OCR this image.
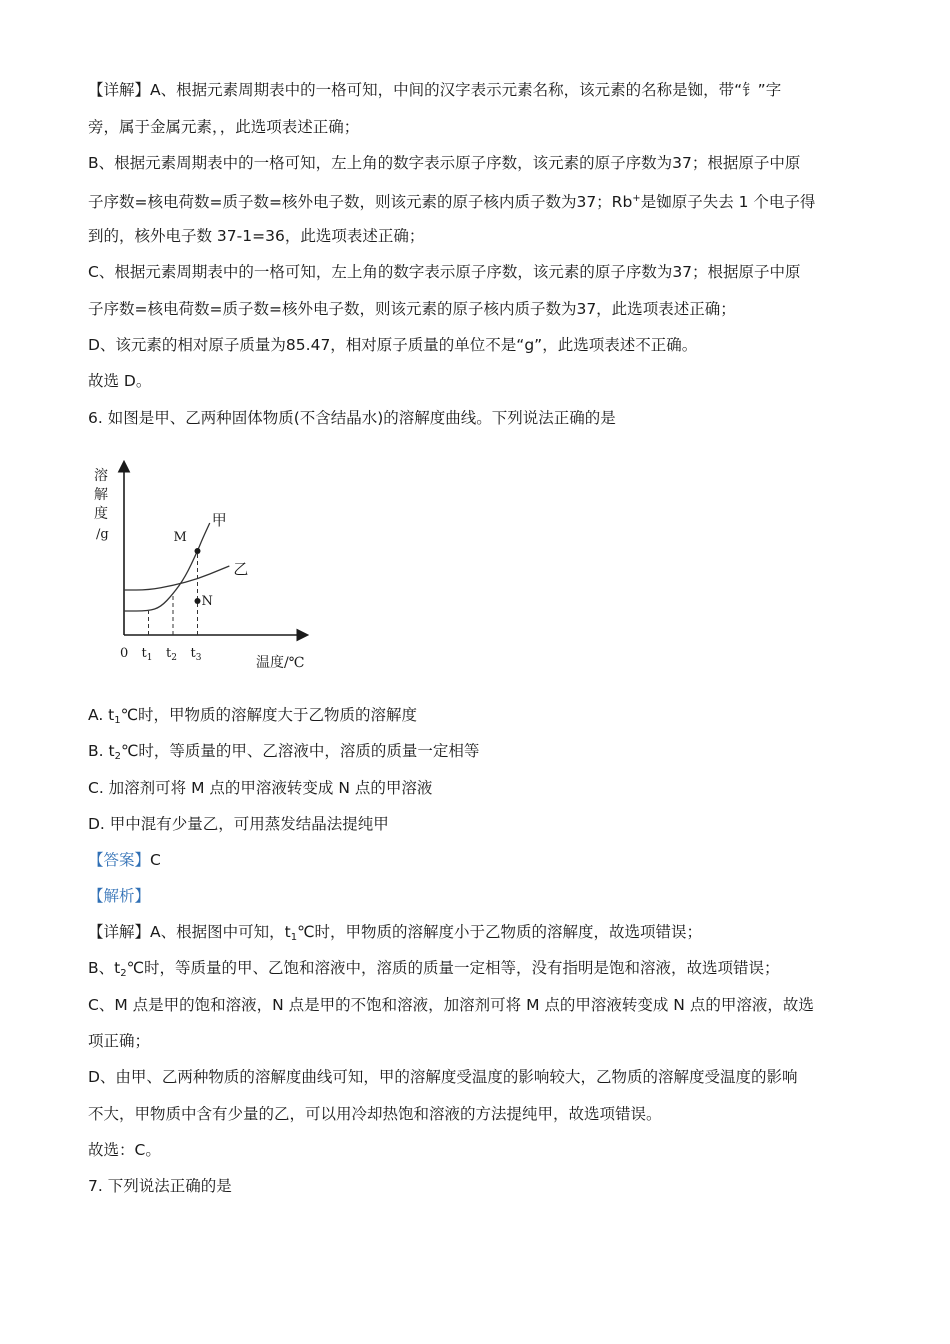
【详解】A、根据元素周期表中的一格可知，中间的汉字表示元素名称，该元素的名称是铷，带“钅”字
旁，属于金属元素，，此选项表述正确；
B、根据元素周期表中的一格可知，左上角的数字表示原子序数，该元素的原子序数为37；根据原子中原
子序数=核电荷数=质子数=核外电子数，则该元素的原子核内质子数为37；Rb+是铷原子失去 1 个电子得
到的，核外电子数 37-1=36，此选项表述正确；
C、根据元素周期表中的一格可知，左上角的数字表示原子序数，该元素的原子序数为37；根据原子中原
子序数=核电荷数=质子数=核外电子数，则该元素的原子核内质子数为37，此选项表述正确；
D、该元素的相对原子质量为85.47，相对原子质量的单位不是“g”，此选项表述不正确。
故选 D。
6. 如图是甲、乙两种固体物质(不含结晶水)的溶解度曲线。下列说法正确的是
溶
解
度
/g
0
温度/℃
$t_1$ $t_2$ $t_3$
甲
乙
M
N
A. $t_1℃$时，甲物质的溶解度大于乙物质的溶解度
B. $t_2℃$时，等质量的甲、乙溶液中，溶质的质量一定相等
C. 加溶剂可将 M 点的甲溶液转变成 N 点的甲溶液
D. 甲中混有少量乙，可用蒸发结晶法提纯甲
【答案】C
【解析】
【详解】A、根据图中可知，$t_1℃$时，甲物质的溶解度小于乙物质的溶解度，故选项错误；
B、$t_2℃$时，等质量的甲、乙饱和溶液中，溶质的质量一定相等，没有指明是饱和溶液，故选项错误；
C、M 点是甲的饱和溶液，N 点是甲的不饱和溶液，加溶剂可将 M 点的甲溶液转变成 N 点的甲溶液，故选
项正确；
D、由甲、乙两种物质的溶解度曲线可知，甲的溶解度受温度的影响较大，乙物质的溶解度受温度的影响
不大，甲物质中含有少量的乙，可以用冷却热饱和溶液的方法提纯甲，故选项错误。
故选：C。
7. 下列说法正确的是
